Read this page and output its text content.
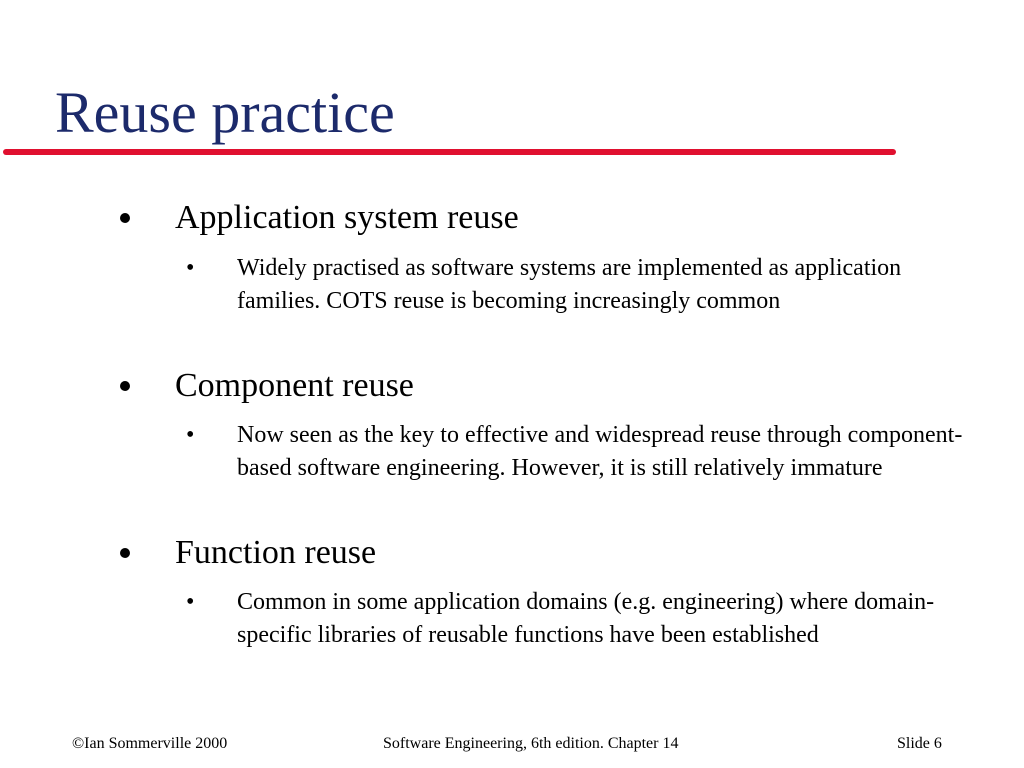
Reuse practice
Application system reuse
• Widely practised as software systems are implemented as application families. COTS reuse is becoming increasingly common
Component reuse
• Now seen as the key to effective and widespread reuse through component-based software engineering. However, it is still relatively immature
Function reuse
• Common in some application domains (e.g. engineering) where domain-specific libraries of reusable functions have been established
©Ian Sommerville 2000	Software Engineering, 6th edition. Chapter 14	Slide 6
